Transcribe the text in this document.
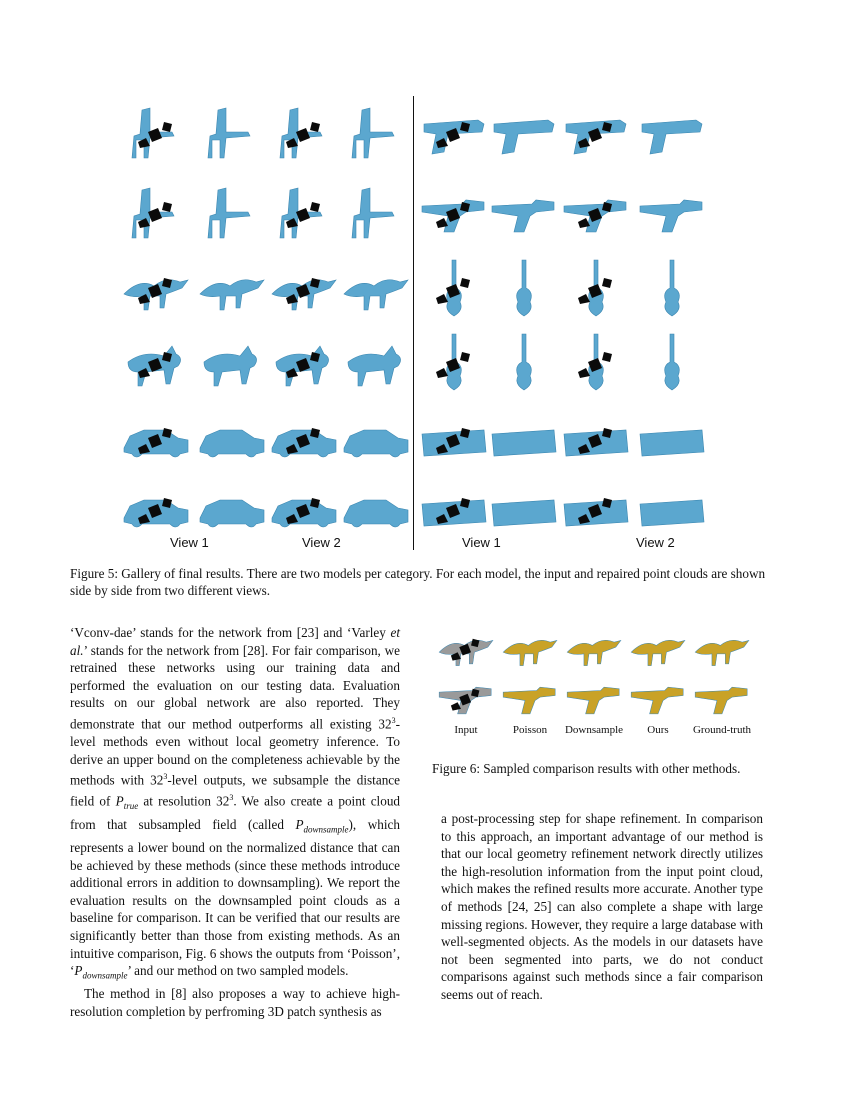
View 1	View 2	View 1	View 2
Figure 5: Gallery of final results. There are two models per category. For each model, the input and repaired point clouds are shown side by side from two different views.

‘Vconv-dae’ stands for the network from [23] and ‘Varley et al.’ stands for the network from [28]. For fair comparison, we retrained these networks using our training data and performed the evaluation on our testing data. Evaluation results on our global network are also reported. They demonstrate that our method outperforms all existing $32^3$-level methods even without local geometry inference. To derive an upper bound on the completeness achievable by the methods with $32^3$-level outputs, we subsample the distance field of $P_{true}$ at resolution $32^3$. We also create a point cloud from that subsampled field (called $P_{downsample}$), which represents a lower bound on the normalized distance that can be achieved by these methods (since these methods introduce additional errors in addition to downsampling). We report the evaluation results on the downsampled point clouds as a baseline for comparison. It can be verified that our results are significantly better than those from existing methods. As an intuitive comparison, Fig. 6 shows the outputs from ‘Poisson’, ‘$P_{downsample}$’ and our method on two sampled models.

The method in [8] also proposes a way to achieve high-resolution completion by perfroming 3D patch synthesis as

Input	Poisson	Downsample	Ours	Ground-truth
Figure 6: Sampled comparison results with other methods.

a post-processing step for shape refinement. In comparison to this approach, an important advantage of our method is that our local geometry refinement network directly utilizes the high-resolution information from the input point cloud, which makes the refined results more accurate. Another type of methods [24, 25] can also complete a shape with large missing regions. However, they require a large database with well-segmented objects. As the models in our datasets have not been segmented into parts, we do not conduct comparisons against such methods since a fair comparison seems out of reach.
